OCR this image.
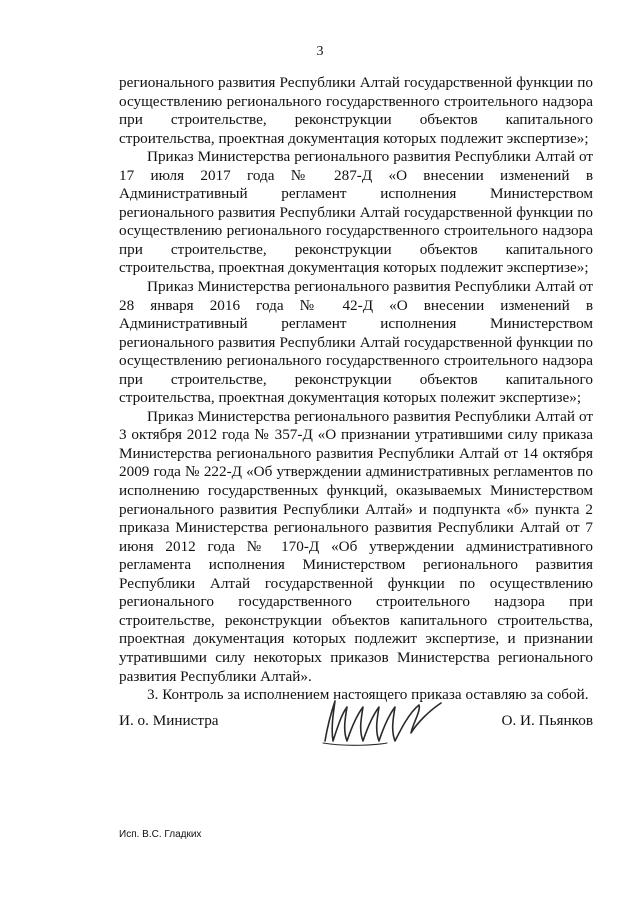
3

регионального развития Республики Алтай государственной функции по осуществлению регионального государственного строительного надзора при строительстве, реконструкции объектов капитального строительства, проектная документация которых подлежит экспертизе»;

Приказ Министерства регионального развития Республики Алтай от 17 июля 2017 года № 287-Д «О внесении изменений в Административный регламент исполнения Министерством регионального развития Республики Алтай государственной функции по осуществлению регионального государственного строительного надзора при строительстве, реконструкции объектов капитального строительства, проектная документация которых подлежит экспертизе»;

Приказ Министерства регионального развития Республики Алтай от 28 января 2016 года № 42-Д «О внесении изменений в Административный регламент исполнения Министерством регионального развития Республики Алтай государственной функции по осуществлению регионального государственного строительного надзора при строительстве, реконструкции объектов капитального строительства, проектная документация которых полежит экспертизе»;

Приказ Министерства регионального развития Республики Алтай от 3 октября 2012 года № 357-Д «О признании утратившими силу приказа Министерства регионального развития Республики Алтай от 14 октября 2009 года № 222-Д «Об утверждении административных регламентов по исполнению государственных функций, оказываемых Министерством регионального развития Республики Алтай» и подпункта «б» пункта 2 приказа Министерства регионального развития Республики Алтай от 7 июня 2012 года № 170-Д «Об утверждении административного регламента исполнения Министерством регионального развития Республики Алтай государственной функции по осуществлению регионального государственного строительного надзора при строительстве, реконструкции объектов капитального строительства, проектная документация которых подлежит экспертизе, и признании утратившими силу некоторых приказов Министерства регионального развития Республики Алтай».

3. Контроль за исполнением настоящего приказа оставляю за собой.

И. о. Министра	О. И. Пьянков
Исп. В.С. Гладких
